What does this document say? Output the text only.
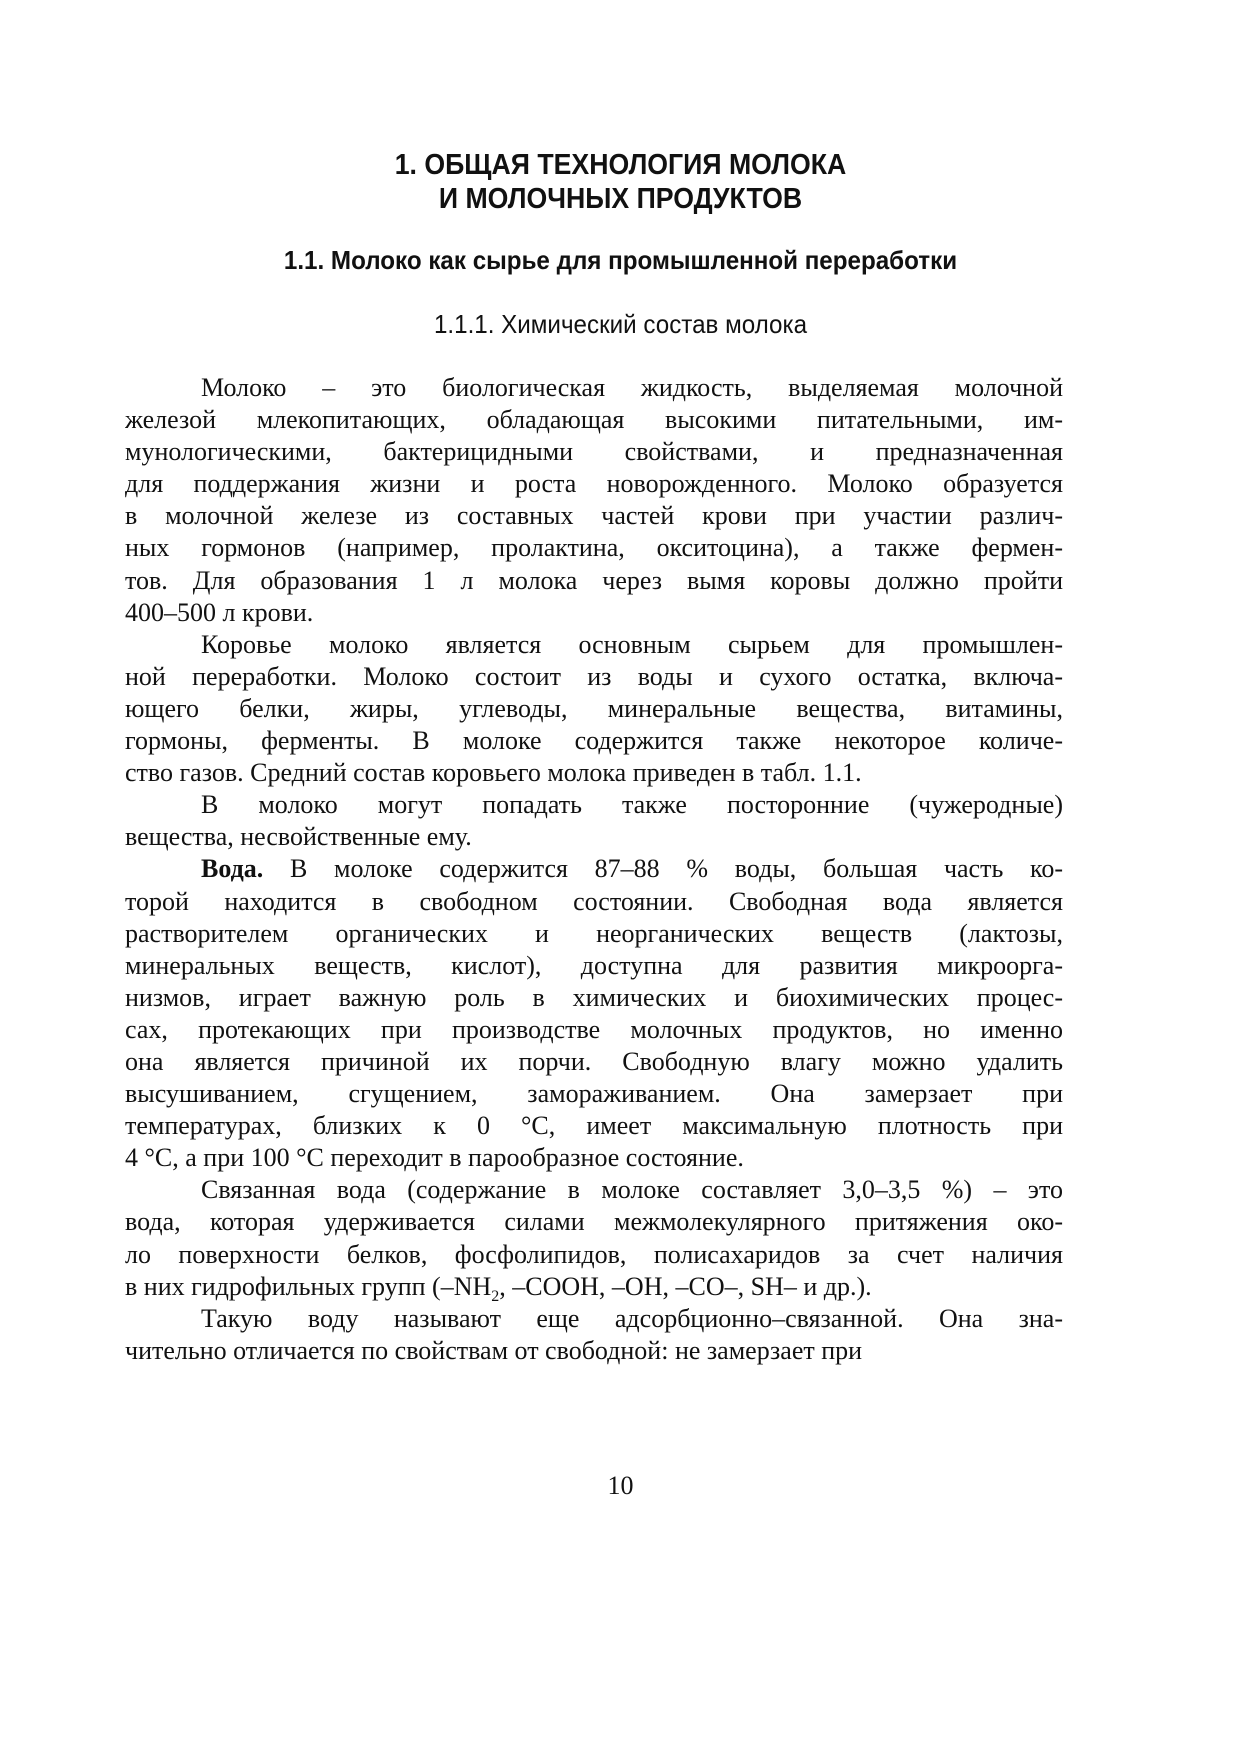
1. ОБЩАЯ ТЕХНОЛОГИЯ МОЛОКА
И МОЛОЧНЫХ ПРОДУКТОВ
1.1. Молоко как сырье для промышленной переработки
1.1.1. Химический состав молока
Молоко – это биологическая жидкость, выделяемая молочной
железой млекопитающих, обладающая высокими питательными, им-
мунологическими, бактерицидными свойствами, и предназначенная
для поддержания жизни и роста новорожденного. Молоко образуется
в молочной железе из составных частей крови при участии различ-
ных гормонов (например, пролактина, окситоцина), а также фермен-
тов. Для образования 1 л молока через вымя коровы должно пройти
400–500 л крови.
Коровье молоко является основным сырьем для промышлен-
ной переработки. Молоко состоит из воды и сухого остатка, включа-
ющего белки, жиры, углеводы, минеральные вещества, витамины,
гормоны, ферменты. В молоке содержится также некоторое количе-
ство газов. Средний состав коровьего молока приведен в табл. 1.1.
В молоко могут попадать также посторонние (чужеродные)
вещества, несвойственные ему.
Вода. В молоке содержится 87–88 % воды, большая часть ко-
торой находится в свободном состоянии. Свободная вода является
растворителем органических и неорганических веществ (лактозы,
минеральных веществ, кислот), доступна для развития микроорга-
низмов, играет важную роль в химических и биохимических процес-
сах, протекающих при производстве молочных продуктов, но именно
она является причиной их порчи. Свободную влагу можно удалить
высушиванием, сгущением, замораживанием. Она замерзает при
температурах, близких к 0 °С, имеет максимальную плотность при
4 °С, а при 100 °С переходит в парообразное состояние.
Связанная вода (содержание в молоке составляет 3,0–3,5 %) – это
вода, которая удерживается силами межмолекулярного притяжения око-
ло поверхности белков, фосфолипидов, полисахаридов за счет наличия
в них гидрофильных групп ($-NH_2$, –COOH, –OH, –CO–, SH– и др.).
Такую воду называют еще адсорбционно–связанной. Она зна-
чительно отличается по свойствам от свободной: не замерзает при
10
